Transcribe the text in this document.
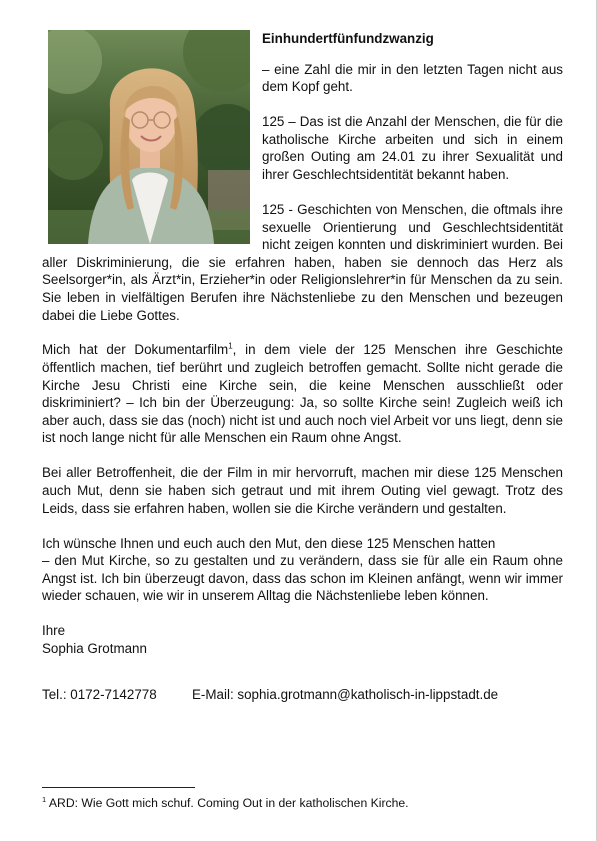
Einhundertfünfundzwanzig

– eine Zahl die mir in den letzten Tagen nicht aus dem Kopf geht.

125 – Das ist die Anzahl der Menschen, die für die katholische Kirche arbeiten und sich in einem großen Outing am 24.01 zu ihrer Sexualität und ihrer Geschlechtsidentität bekannt haben.

125 - Geschichten von Menschen, die oftmals ihre sexuelle Orientierung und Geschlechtsidentität nicht zeigen konnten und diskriminiert wurden. Bei aller Diskriminierung, die sie erfahren haben, haben sie dennoch das Herz als Seelsorger*in, als Ärzt*in, Erzieher*in oder Religionslehrer*in für Menschen da zu sein. Sie leben in vielfältigen Berufen ihre Nächstenliebe zu den Menschen und bezeugen dabei die Liebe Gottes.

Mich hat der Dokumentarfilm$^1$, in dem viele der 125 Menschen ihre Geschichte öffentlich machen, tief berührt und zugleich betroffen gemacht. Sollte nicht gerade die Kirche Jesu Christi eine Kirche sein, die keine Menschen ausschließt oder diskriminiert? – Ich bin der Überzeugung: Ja, so sollte Kirche sein! Zugleich weiß ich aber auch, dass sie das (noch) nicht ist und auch noch viel Arbeit vor uns liegt, denn sie ist noch lange nicht für alle Menschen ein Raum ohne Angst.

Bei aller Betroffenheit, die der Film in mir hervorruft, machen mir diese 125 Menschen auch Mut, denn sie haben sich getraut und mit ihrem Outing viel gewagt. Trotz des Leids, dass sie erfahren haben, wollen sie die Kirche verändern und gestalten.

Ich wünsche Ihnen und euch auch den Mut, den diese 125 Menschen hatten
– den Mut Kirche, so zu gestalten und zu verändern, dass sie für alle ein Raum ohne Angst ist. Ich bin überzeugt davon, dass das schon im Kleinen anfängt, wenn wir immer wieder schauen, wie wir in unserem Alltag die Nächstenliebe leben können.

Ihre

Sophia Grotmann

Tel.: 0172-7142778	E-Mail: sophia.grotmann@katholisch-in-lippstadt.de
$^1$ ARD: Wie Gott mich schuf. Coming Out in der katholischen Kirche.
